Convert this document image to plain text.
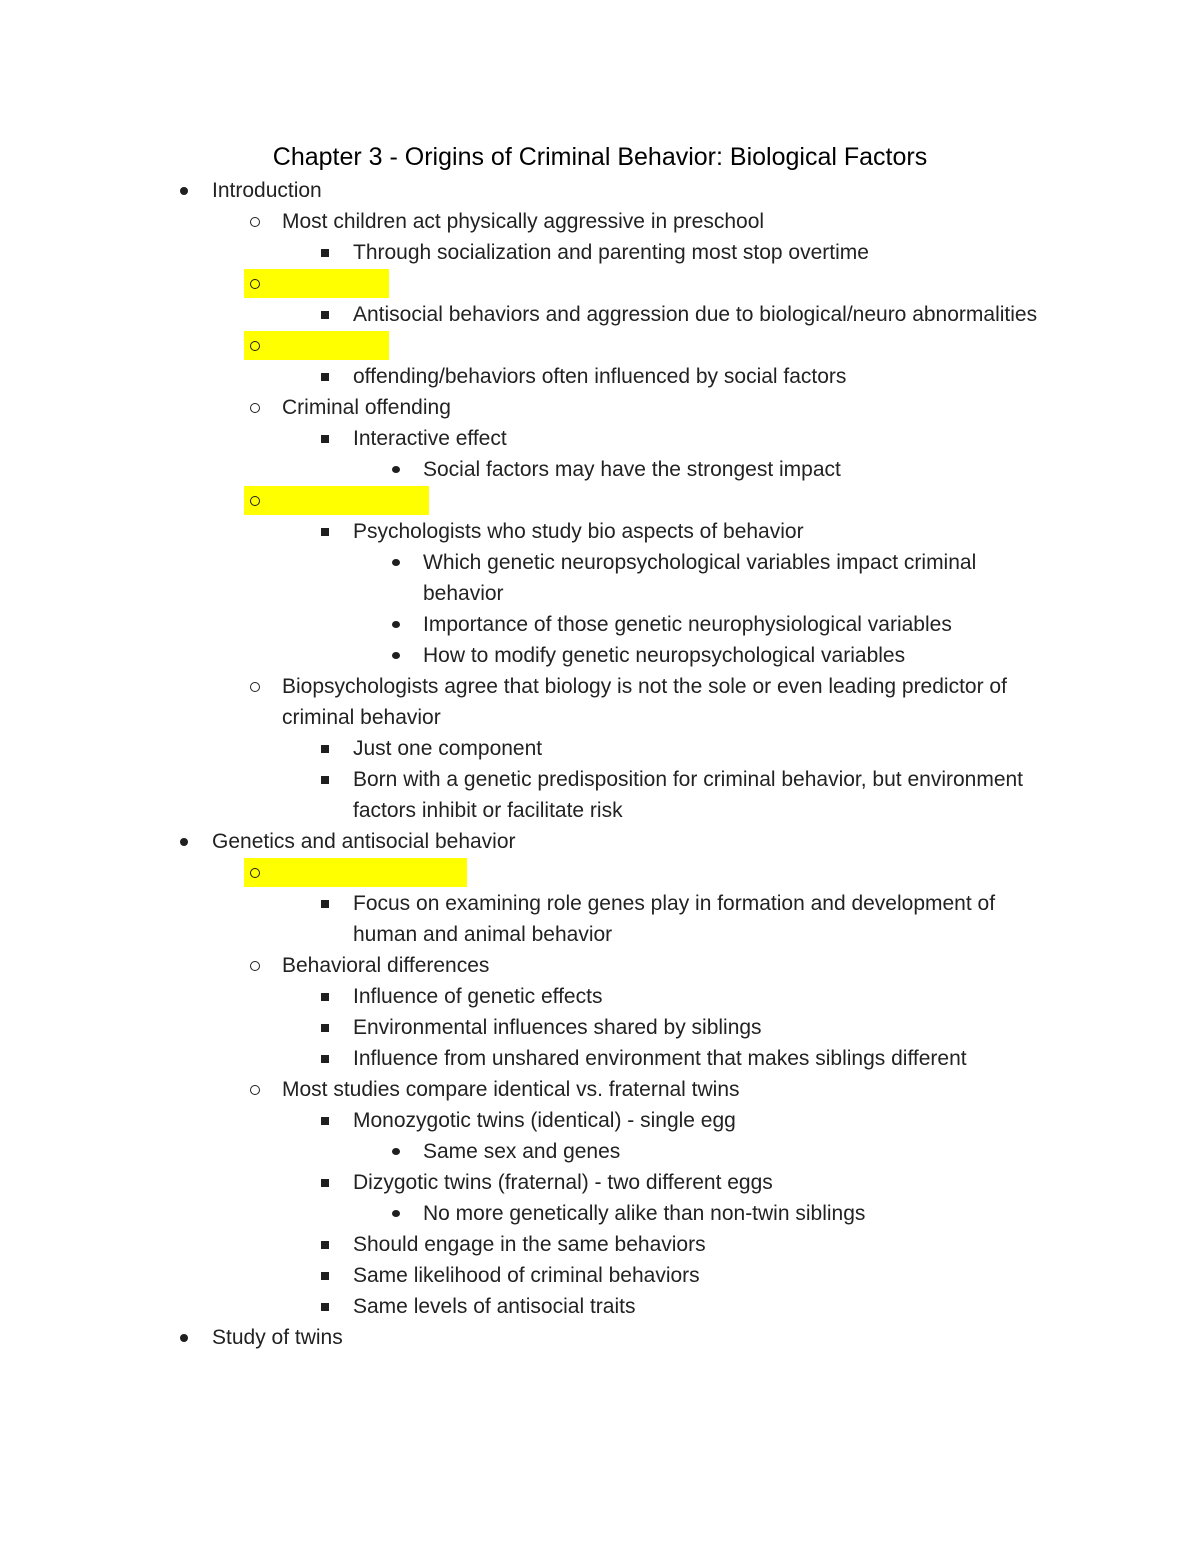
Chapter 3 - Origins of Criminal Behavior: Biological Factors
Introduction
Most children act physically aggressive in preschool
Through socialization and parenting most stop overtime
Antisocial behaviors and aggression due to biological/neuro abnormalities
offending/behaviors often influenced by social factors
Criminal offending
Interactive effect
Social factors may have the strongest impact
Psychologists who study bio aspects of behavior
Which genetic neuropsychological variables impact criminal behavior
Importance of those genetic neurophysiological variables
How to modify genetic neuropsychological variables
Biopsychologists agree that biology is not the sole or even leading predictor of criminal behavior
Just one component
Born with a genetic predisposition for criminal behavior, but environment factors inhibit or facilitate risk
Genetics and antisocial behavior
Focus on examining role genes play in formation and development of human and animal behavior
Behavioral differences
Influence of genetic effects
Environmental influences shared by siblings
Influence from unshared environment that makes siblings different
Most studies compare identical vs. fraternal twins
Monozygotic twins (identical) - single egg
Same sex and genes
Dizygotic twins (fraternal) - two different eggs
No more genetically alike than non-twin siblings
Should engage in the same behaviors
Same likelihood of criminal behaviors
Same levels of antisocial traits
Study of twins
